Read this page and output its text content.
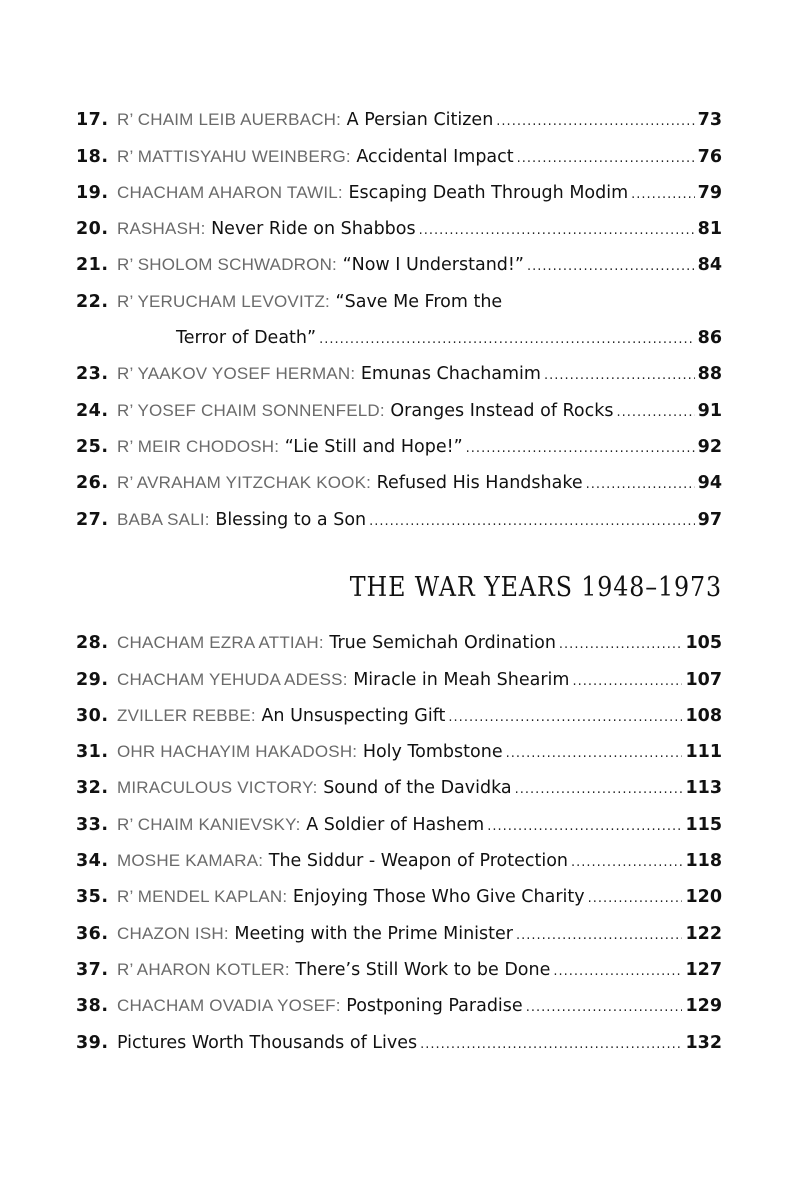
17. R’ CHAIM LEIB AUERBACH:
A Persian Citizen .....	73
18. R’ MATTISYAHU WEINBERG:
Accidental Impact .....	76
19. CHACHAM AHARON TAWIL:
Escaping Death Through Modim .....	79
20. RASHASH:
Never Ride on Shabbos .....	81
21. R’ SHOLOM SCHWADRON:
“Now I Understand!” .....	84
22. R’ YERUCHAM LEVOVITZ:
“Save Me From the
Terror of Death” .....	86
23. R’ YAAKOV YOSEF HERMAN:
Emunas Chachamim .....	88
24. R’ YOSEF CHAIM SONNENFELD:
Oranges Instead of Rocks .....	91
25. R’ MEIR CHODOSH:
“Lie Still and Hope!” .....	92
26. R’ AVRAHAM YITZCHAK KOOK:
Refused His Handshake .....	94
27. BABA SALI:
Blessing to a Son .....	97
THE WAR YEARS 1948–1973
28. CHACHAM EZRA ATTIAH:
True Semichah Ordination .....	105
29. CHACHAM YEHUDA ADESS:
Miracle in Meah Shearim .....	107
30. ZVILLER REBBE:
An Unsuspecting Gift .....	108
31. OHR HACHAYIM HAKADOSH:
Holy Tombstone .....	111
32. MIRACULOUS VICTORY:
Sound of the Davidka .....	113
33. R’ CHAIM KANIEVSKY:
A Soldier of Hashem .....	115
34. MOSHE KAMARA:
The Siddur - Weapon of Protection .....	118
35. R’ MENDEL KAPLAN:
Enjoying Those Who Give Charity .....	120
36. CHAZON ISH:
Meeting with the Prime Minister .....	122
37. R’ AHARON KOTLER:
There’s Still Work to be Done .....	127
38. CHACHAM OVADIA YOSEF:
Postponing Paradise .....	129
39. Pictures Worth Thousands of Lives .....	132
